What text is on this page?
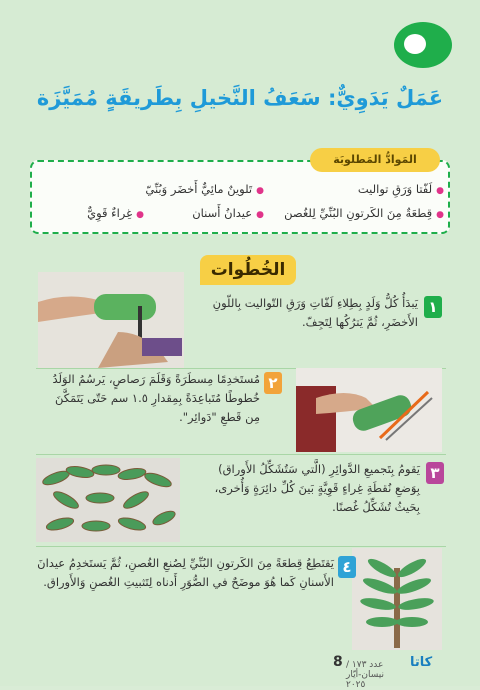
عَمَلٌ يَدَوِيٌّ: سَعَفُ النَّخيلِ بِطَريقَةٍ مُمَيَّزَة
المَوادُّ المَطلوبَة
● لَفّتا وَرَقِ تواليت
● تَلوينٌ مائِيٌّ أَخضَر وَبُنِّيّ
● قِطعَةٌ مِنَ الكَرتونِ البُنِّيِّ لِلغُصن
● عيدانُ أَسنان
● غِراءٌ قَوِيٌّ
الخُطُوات
١
يَبدَأُ كُلُّ وَلَدٍ بِطِلاءِ لَفّاتِ وَرَقِ التّواليت بِاللّونِ الأَخضَرِ، ثُمَّ يَترُكُها لِتَجِفّ.
٢
مُستَخدِمًا مِسطَرَةً وَقَلَمَ رَصاصٍ، يَرسُمُ الوَلَدُ خُطوطًا مُتَباعِدَةً بِمِقدارِ ١.٥ سم حَتّى يَتَمَكَّنَ مِن قَطعِ "دَوائِر".
٣
يَقومُ بِتَجميعِ الدَّوائِرِ (الَّتي سَتُشَكِّلُ الأَوراق) بِوَضعِ نُقطَةِ غِراءٍ قَوِيَّةٍ بَينَ كُلِّ دائِرَةٍ وَأُخرى، بِحَيثُ تُشَكِّلُ غُصنًا.
٤
يَقتَطِعُ قِطعَةً مِنَ الكَرتونِ البُنِّيِّ لِصُنعِ الغُصنِ، ثُمَّ يَستَخدِمُ عيدانَ الأَسنانِ كَما هُوَ موضَحٌ في الصُّوَرِ أَدناه لِتَثبيتِ الغُصنِ وَالأَوراق.
كاتا
عدد ١٧٣ /نيسان-أيّار ٢٠٢٥
8
